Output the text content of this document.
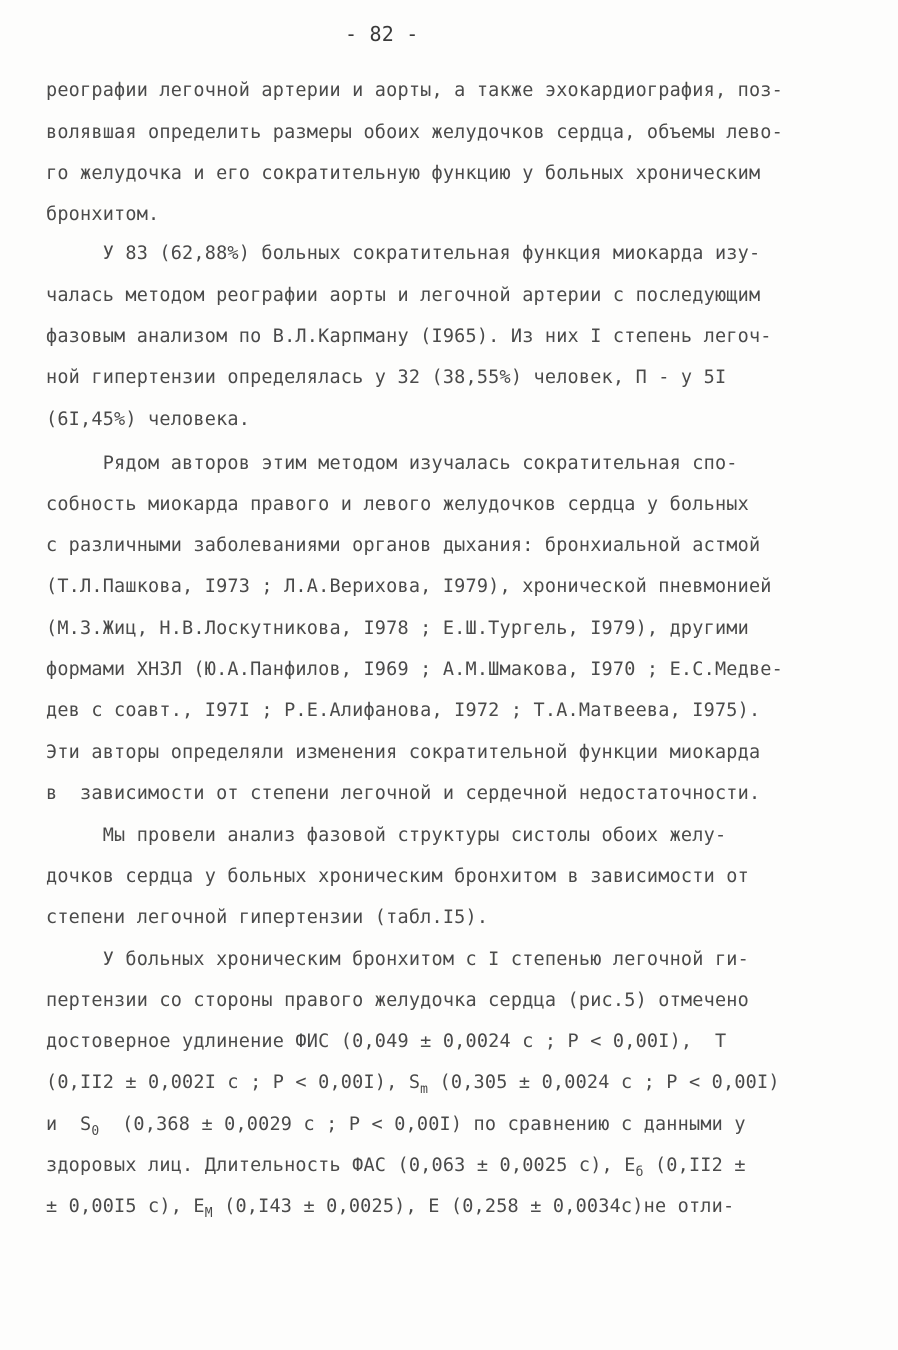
- 82 -
реографии легочной артерии и аорты, а также эхокардиография, поз-
волявшая определить размеры обоих желудочков сердца, объемы лево-
го желудочка и его сократительную функцию у больных хроническим
бронхитом.
У 83 (62,88%) больных сократительная функция миокарда изу-
чалась методом реографии аорты и легочной артерии с последующим
фазовым анализом по В.Л.Карпману (I965). Из них I степень легоч-
ной гипертензии определялась у 32 (38,55%) человек, П - у 5I
(6I,45%) человека.
Рядом авторов этим методом изучалась сократительная спо-
собность миокарда правого и левого желудочков сердца у больных
с различными заболеваниями органов дыхания: бронхиальной астмой
(Т.Л.Пашкова, I973 ; Л.А.Верихова, I979), хронической пневмонией
(М.З.Жиц, Н.В.Лоскутникова, I978 ; Е.Ш.Тургель, I979), другими
формами ХНЗЛ (Ю.А.Панфилов, I969 ; А.М.Шмакова, I970 ; Е.С.Медве-
дев с соавт., I97I ; Р.Е.Алифанова, I972 ; Т.А.Матвеева, I975).
Эти авторы определяли изменения сократительной функции миокарда
в  зависимости от степени легочной и сердечной недостаточности.
Мы провели анализ фазовой структуры систолы обоих желу-
дочков сердца у больных хроническим бронхитом в зависимости от
степени легочной гипертензии (табл.I5).
У больных хроническим бронхитом с I степенью легочной ги-
пертензии со стороны правого желудочка сердца (рис.5) отмечено
достоверное удлинение ФИС (0,049 ± 0,0024 с ; P < 0,00I),  T
(0,II2 ± 0,002I с ; P < 0,00I), $S_m$ (0,305 ± 0,0024 с ; P < 0,00I)
и  $S_0$ (0,368 ± 0,0029 с ; P < 0,00I) по сравнению с данными у
здоровых лиц. Длительность ФАС (0,063 ± 0,0025 с), $E_б$ (0,II2 ±
± 0,00I5 с), $E_M$ (0,I43 ± 0,0025), E (0,258 ± 0,0034с)не отли-
